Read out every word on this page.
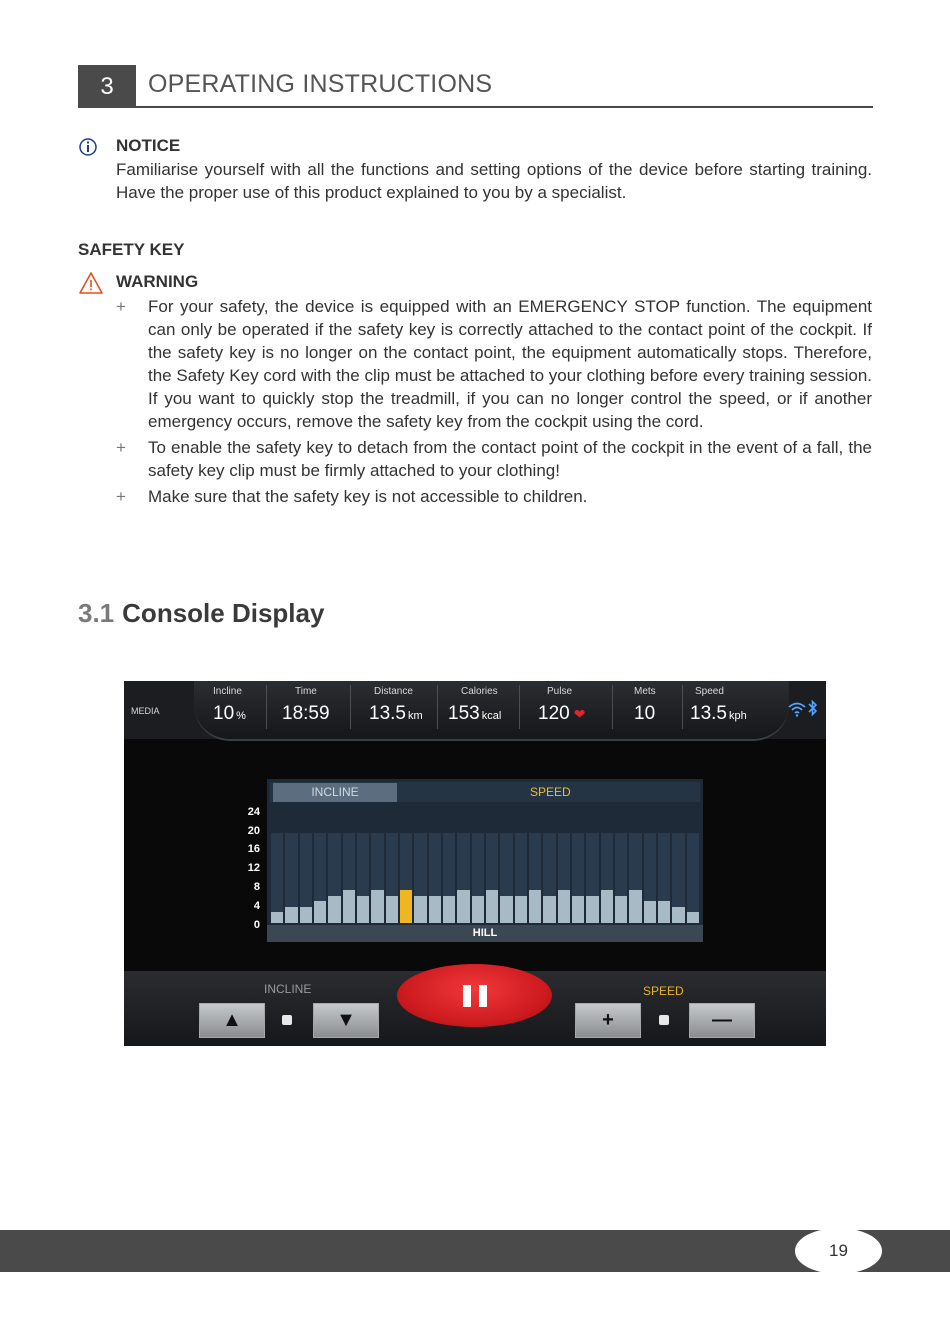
3	OPERATING INSTRUCTIONS
NOTICE
Familiarise yourself with all the functions and setting options of the device before starting training. Have the proper use of this product explained to you by a specialist.
SAFETY KEY
WARNING
+ For your safety, the device is equipped with an EMERGENCY STOP function. The equipment can only be operated if the safety key is correctly attached to the contact point of the cockpit. If the safety key is no longer on the contact point, the equipment automatically stops. Therefore, the Safety Key cord with the clip must be attached to your clothing before every training session. If you want to quickly stop the treadmill, if you can no longer control the speed, or if another emergency occurs, remove the safety key from the cockpit using the cord.
+ To enable the safety key to detach from the contact point of the cockpit in the event of a fall, the safety key clip must be firmly attached to your clothing!
+ Make sure that the safety key is not accessible to children.
3.1 Console Display
MEDIA
Incline
10 %
Time
18:59
Distance
13.5 km
Calories
153 kcal
Pulse
120 ❤
Mets
10
Speed
13.5 kph
24
20
16
12
8
4
0
INCLINE	SPEED
HILL
INCLINE	SPEED
▲	▼	+	—
19
